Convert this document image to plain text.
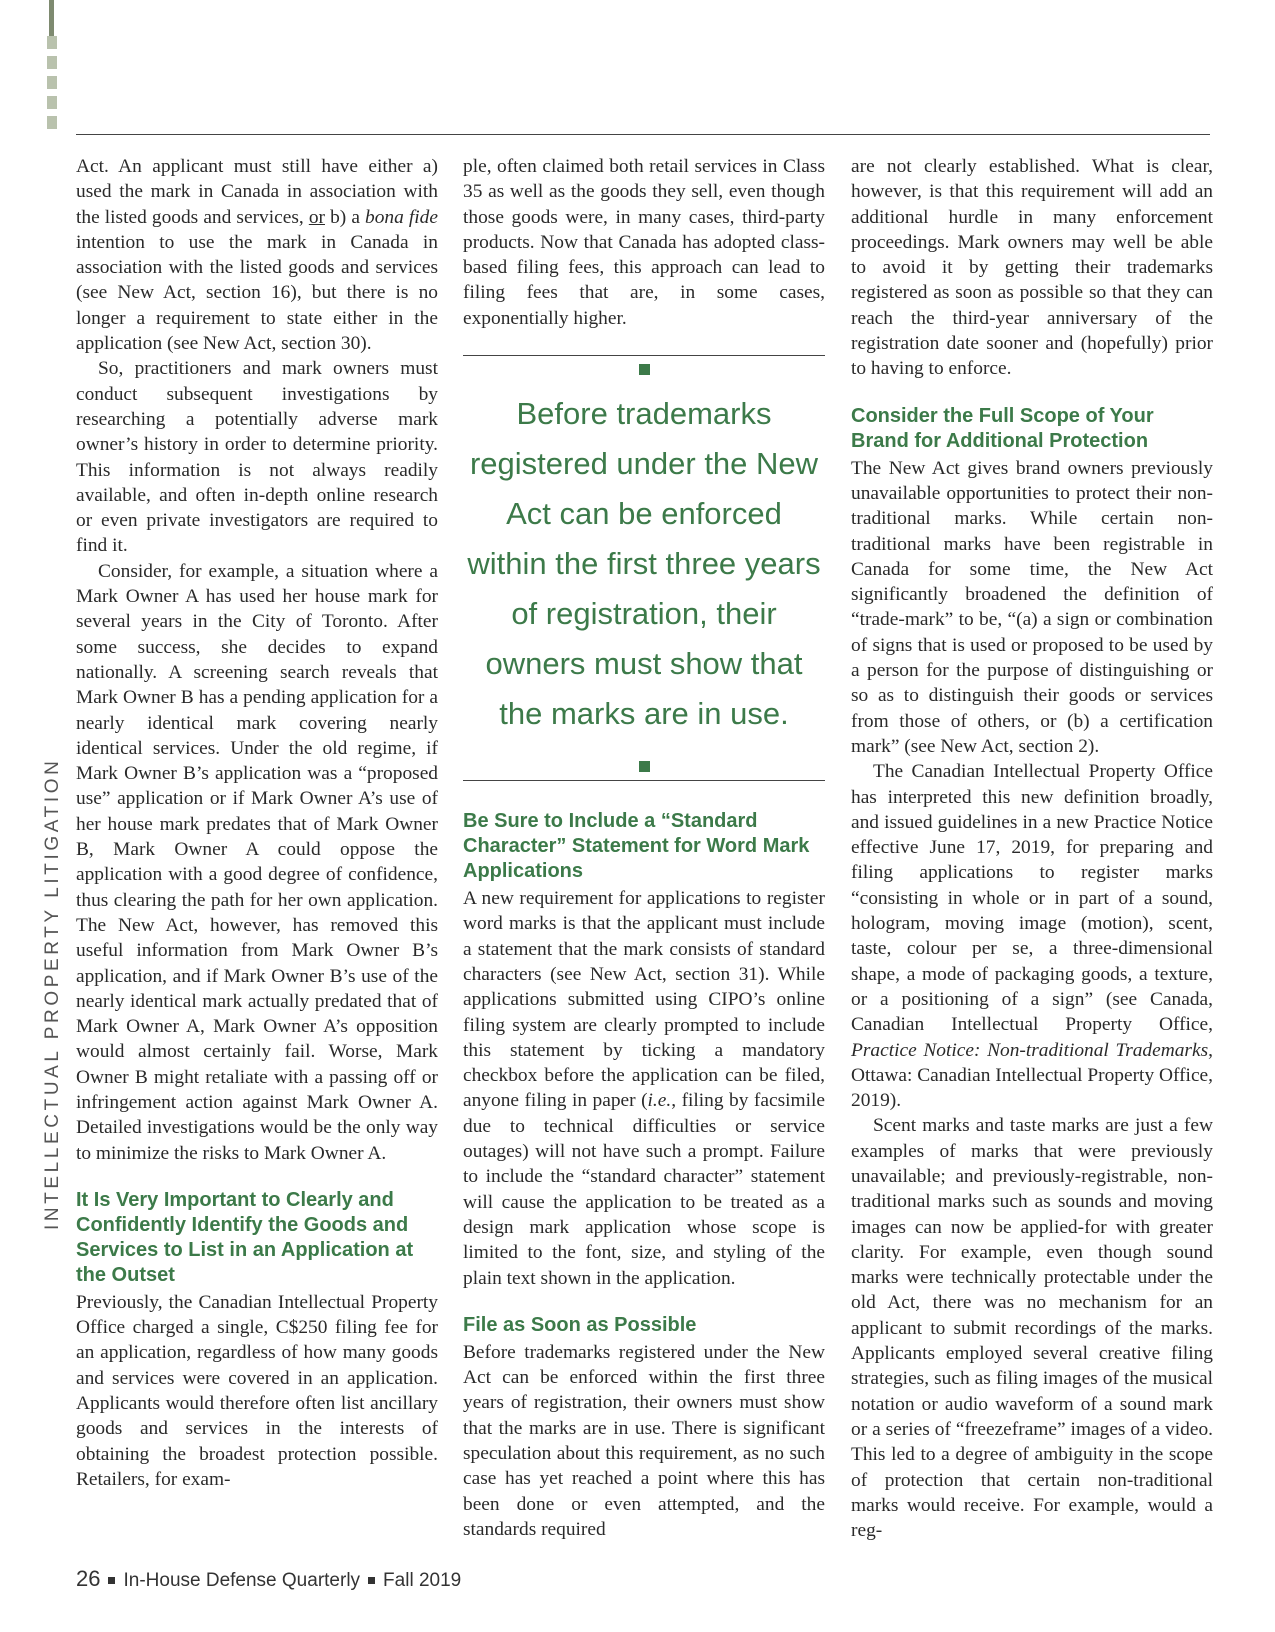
INTELLECTUAL PROPERTY LITIGATION

Act. An applicant must still have either a) used the mark in Canada in association with the listed goods and services, or b) a bona fide intention to use the mark in Canada in association with the listed goods and services (see New Act, section 16), but there is no longer a requirement to state either in the application (see New Act, section 30).

So, practitioners and mark owners must conduct subsequent investigations by researching a potentially adverse mark owner’s history in order to determine priority. This information is not always readily available, and often in-depth online research or even private investigators are required to find it.

Consider, for example, a situation where a Mark Owner A has used her house mark for several years in the City of Toronto. After some success, she decides to expand nationally. A screening search reveals that Mark Owner B has a pending application for a nearly identical mark covering nearly identical services. Under the old regime, if Mark Owner B’s application was a “proposed use” application or if Mark Owner A’s use of her house mark predates that of Mark Owner B, Mark Owner A could oppose the application with a good degree of confidence, thus clearing the path for her own application. The New Act, however, has removed this useful information from Mark Owner B’s application, and if Mark Owner B’s use of the nearly identical mark actually predated that of Mark Owner A, Mark Owner A’s opposition would almost certainly fail. Worse, Mark Owner B might retaliate with a passing off or infringement action against Mark Owner A. Detailed investigations would be the only way to minimize the risks to Mark Owner A.

It Is Very Important to Clearly and Confidently Identify the Goods and Services to List in an Application at the Outset

Previously, the Canadian Intellectual Property Office charged a single, C$250 filing fee for an application, regardless of how many goods and services were covered in an application. Applicants would therefore often list ancillary goods and services in the interests of obtaining the broadest protection possible. Retailers, for exam-

ple, often claimed both retail services in Class 35 as well as the goods they sell, even though those goods were, in many cases, third-party products. Now that Canada has adopted class-based filing fees, this approach can lead to filing fees that are, in some cases, exponentially higher.

Before trademarks registered under the New Act can be enforced within the first three years of registration, their owners must show that the marks are in use.
Be Sure to Include a “Standard Character” Statement for Word Mark Applications

A new requirement for applications to register word marks is that the applicant must include a statement that the mark consists of standard characters (see New Act, section 31). While applications submitted using CIPO’s online filing system are clearly prompted to include this statement by ticking a mandatory checkbox before the application can be filed, anyone filing in paper (i.e., filing by facsimile due to technical difficulties or service outages) will not have such a prompt. Failure to include the “standard character” statement will cause the application to be treated as a design mark application whose scope is limited to the font, size, and styling of the plain text shown in the application.

File as Soon as Possible

Before trademarks registered under the New Act can be enforced within the first three years of registration, their owners must show that the marks are in use. There is significant speculation about this requirement, as no such case has yet reached a point where this has been done or even attempted, and the standards required

are not clearly established. What is clear, however, is that this requirement will add an additional hurdle in many enforcement proceedings. Mark owners may well be able to avoid it by getting their trademarks registered as soon as possible so that they can reach the third-year anniversary of the registration date sooner and (hopefully) prior to having to enforce.

Consider the Full Scope of Your Brand for Additional Protection

The New Act gives brand owners previously unavailable opportunities to protect their non-traditional marks. While certain non-traditional marks have been registrable in Canada for some time, the New Act significantly broadened the definition of “trade-mark” to be, “(a) a sign or combination of signs that is used or proposed to be used by a person for the purpose of distinguishing or so as to distinguish their goods or services from those of others, or (b) a certification mark” (see New Act, section 2).

The Canadian Intellectual Property Office has interpreted this new definition broadly, and issued guidelines in a new Practice Notice effective June 17, 2019, for preparing and filing applications to register marks “consisting in whole or in part of a sound, hologram, moving image (motion), scent, taste, colour per se, a three-dimensional shape, a mode of packaging goods, a texture, or a positioning of a sign” (see Canada, Canadian Intellectual Property Office, Practice Notice: Non-traditional Trademarks, Ottawa: Canadian Intellectual Property Office, 2019).

Scent marks and taste marks are just a few examples of marks that were previously unavailable; and previously-registrable, non-traditional marks such as sounds and moving images can now be applied-for with greater clarity. For example, even though sound marks were technically protectable under the old Act, there was no mechanism for an applicant to submit recordings of the marks. Applicants employed several creative filing strategies, such as filing images of the musical notation or audio waveform of a sound mark or a series of “freezeframe” images of a video. This led to a degree of ambiguity in the scope of protection that certain non-traditional marks would receive. For example, would a reg-

26 In-House Defense Quarterly Fall 2019
